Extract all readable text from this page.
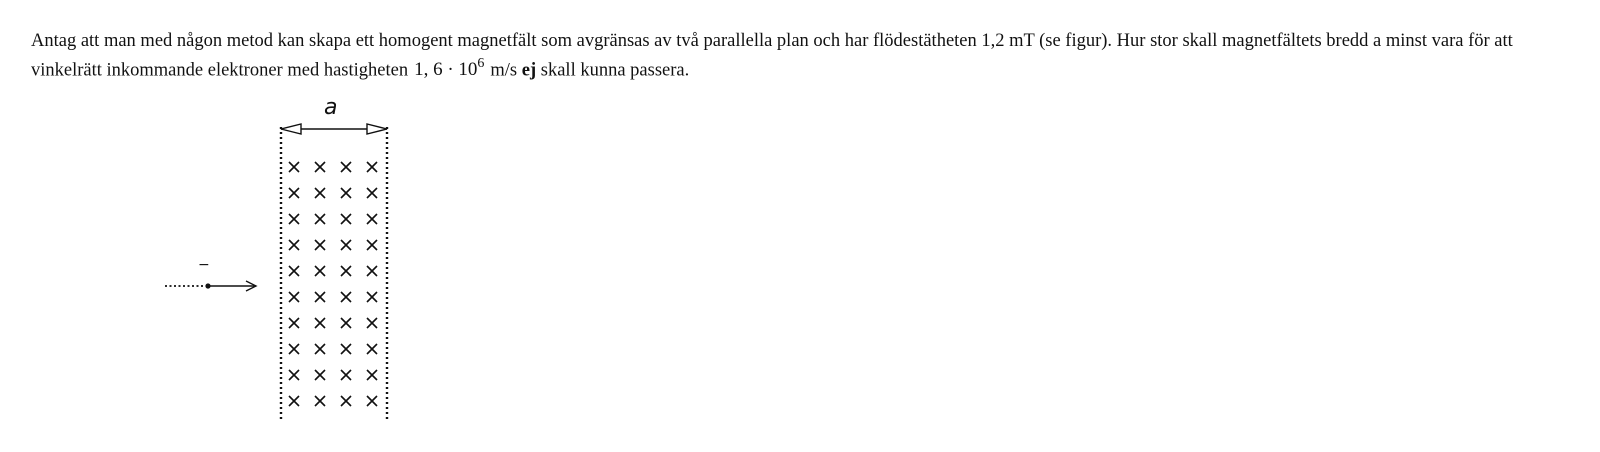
Antag att man med någon metod kan skapa ett homogent magnetfält som avgränsas av två parallella plan och har flödestätheten 1,2 mT (se figur). Hur stor skall magnetfältets bredd a minst vara för att vinkelrätt inkommande elektroner med hastigheten 1, $6 \cdot 10^6$ m/s ej skall kunna passera.

a
−
